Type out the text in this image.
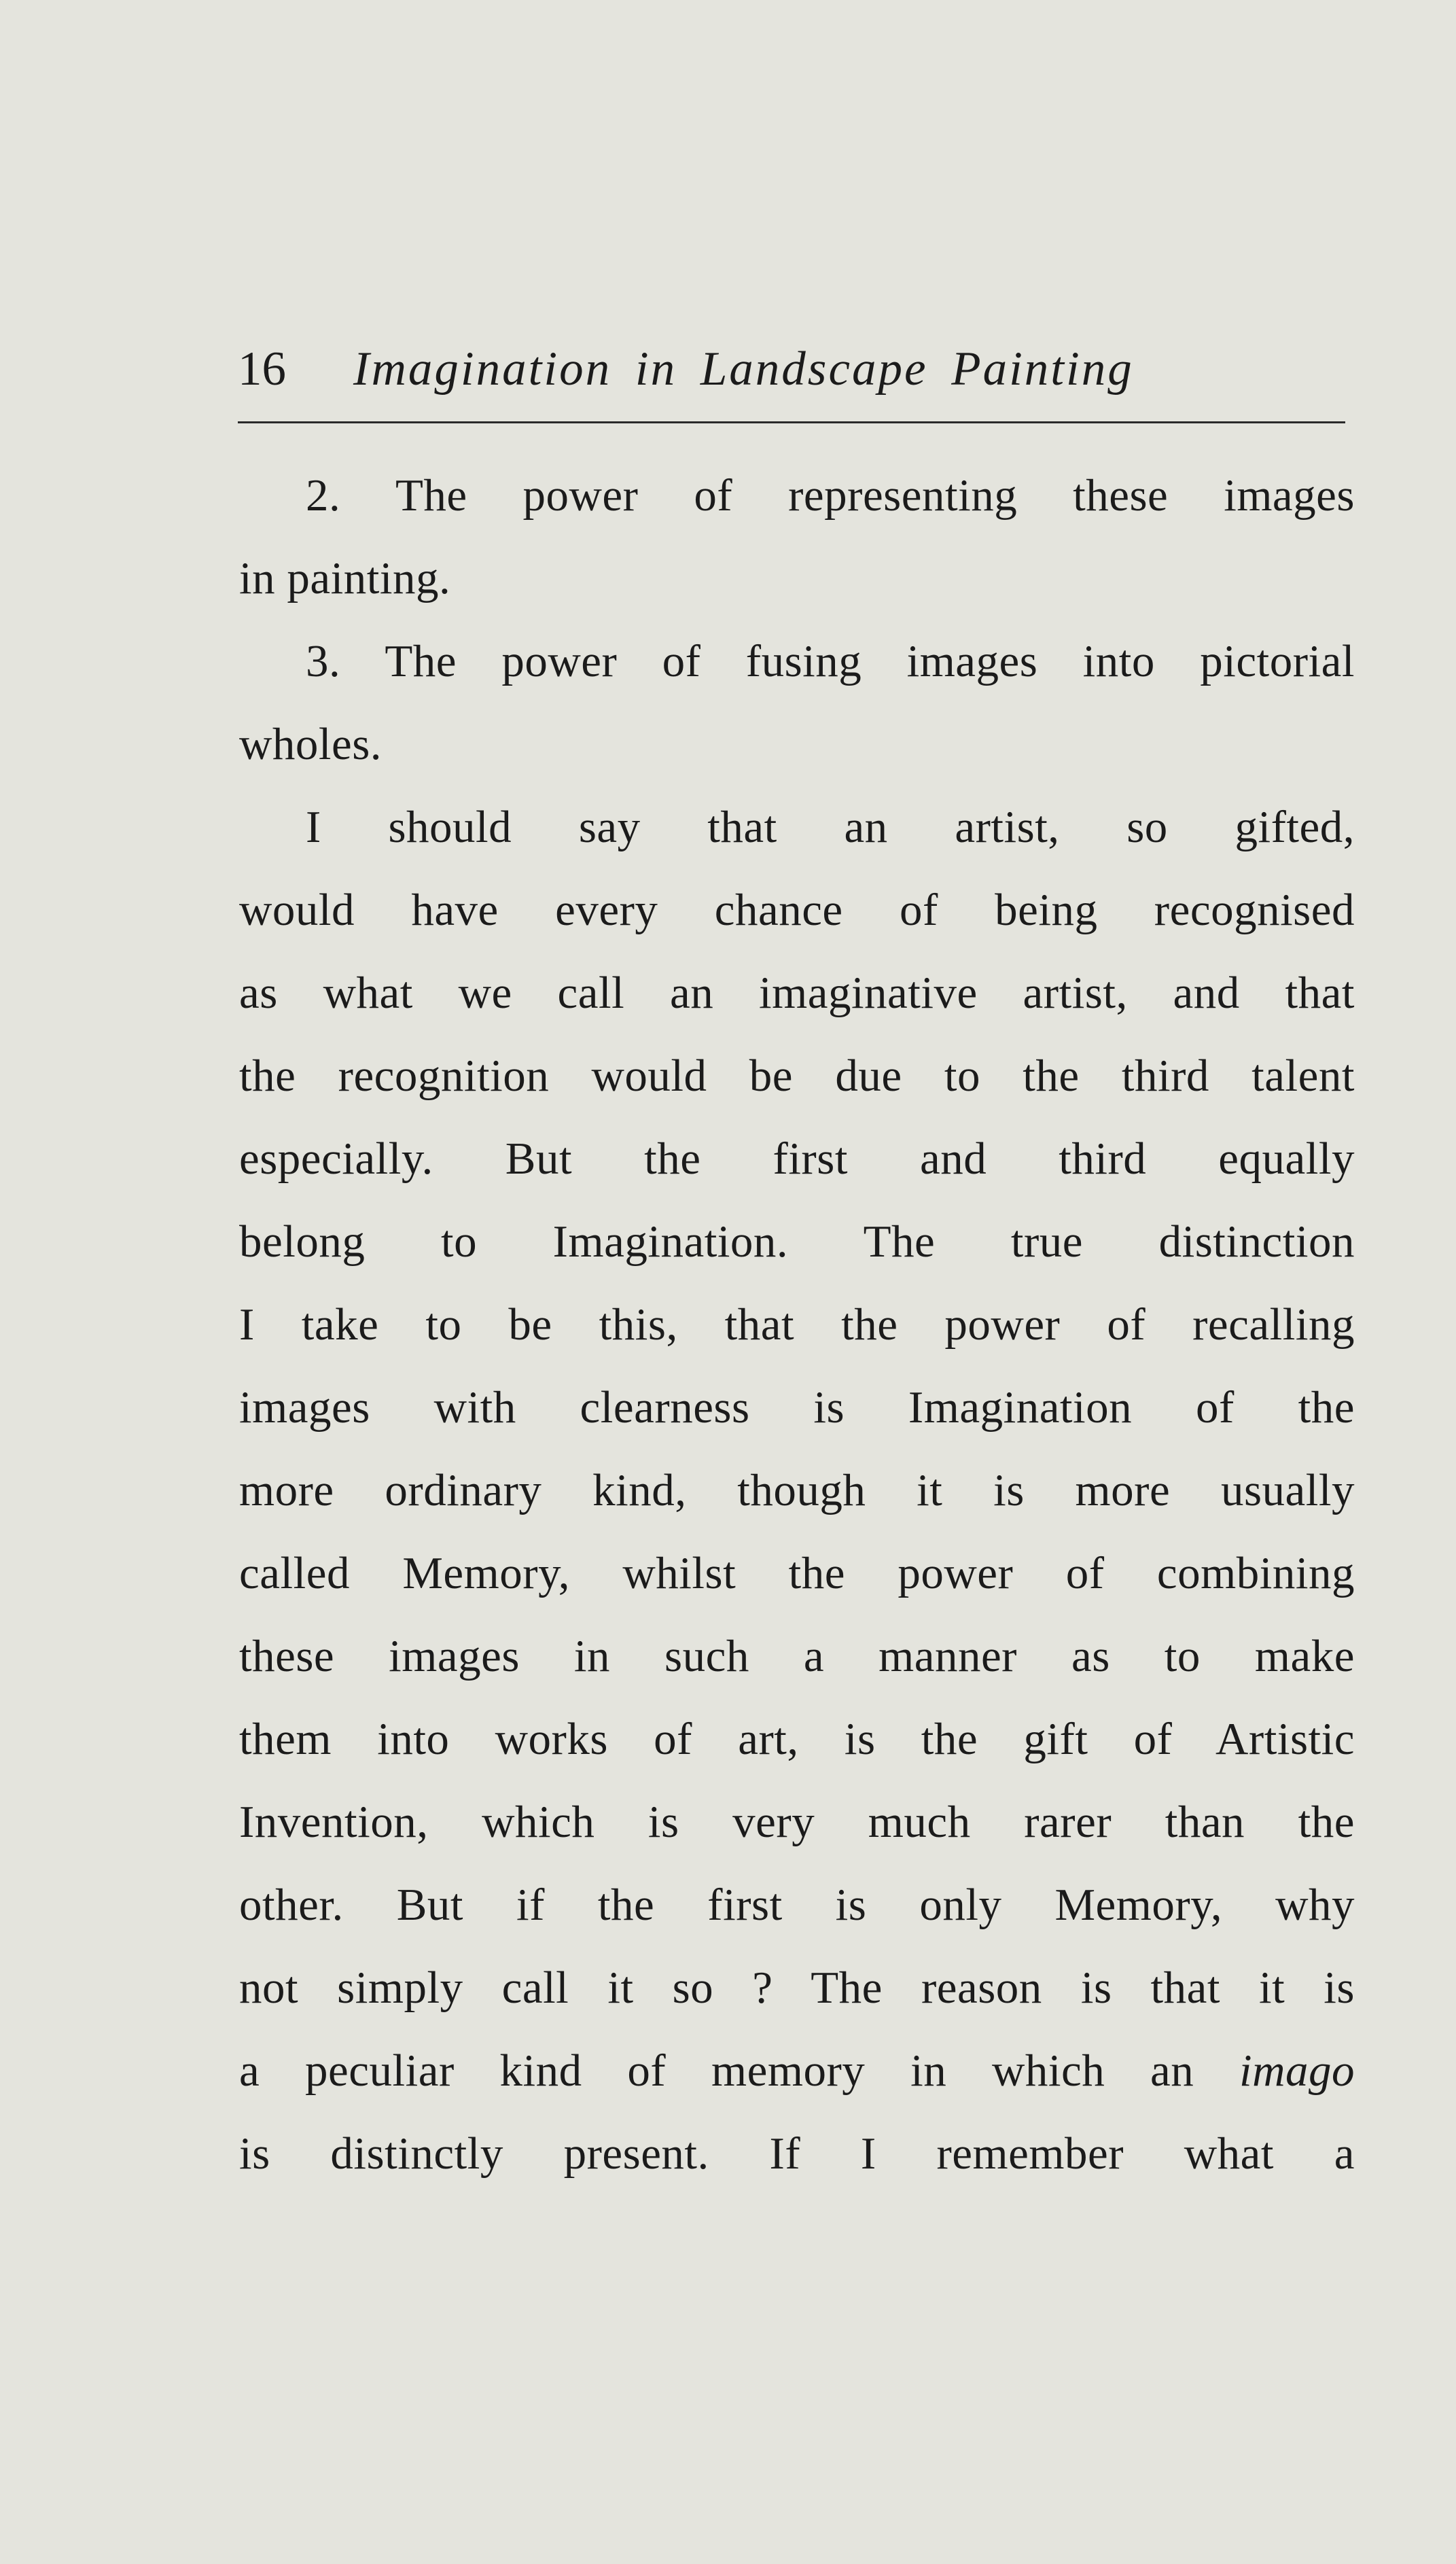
16 Imagination in Landscape Painting

2. The power of representing these images

in painting.

3. The power of fusing images into pictorial

wholes.

I should say that an artist, so gifted,

would have every chance of being recognised

as what we call an imaginative artist, and that

the recognition would be due to the third talent

especially. But the first and third equally

belong to Imagination. The true distinction

I take to be this, that the power of recalling

images with clearness is Imagination of the

more ordinary kind, though it is more usually

called Memory, whilst the power of combining

these images in such a manner as to make

them into works of art, is the gift of Artistic

Invention, which is very much rarer than the

other. But if the first is only Memory, why

not simply call it so ? The reason is that it is

a peculiar kind of memory in which an imago

is distinctly present. If I remember what a
